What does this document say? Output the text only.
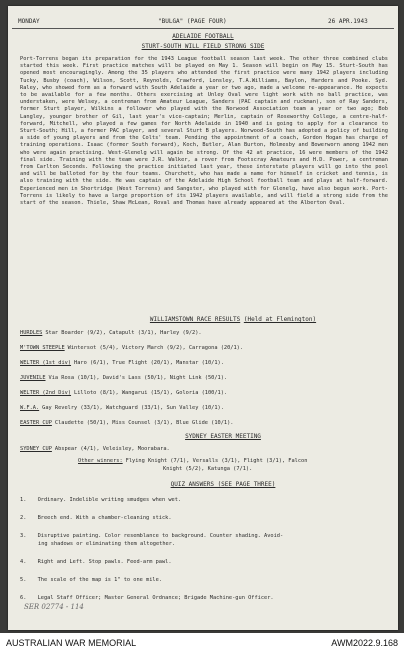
MONDAY	"BULGA" (PAGE FOUR)	26 APR.1943
ADELAIDE FOOTBALL
STURT-SOUTH WILL FIELD STRONG SIDE
Port-Torrens began its preparation for the 1943 League football season last week. The other three combined clubs started this week. First practice matches will be played on May 1. Season will begin on May 15. Sturt-South has opened most encouragingly. Among the 35 players who attended the first practice were many 1942 players including Tucky, Busby (coach), Wilson, Scott, Reynolds, Crawford, Lonsley, T.A.Williams, Baylon, Harders and Pooke. Syd. Raley, who showed form as a forward with South Adelaide a year or two ago, made a welcome re-appearance. He expects to be available for a few months. Others exercising at Unley Oval were light work with no ball practice, was understaken, were Welsey, a centreman from Amateur League, Sanders (PAC captain and ruckman), son of Ray Sanders, former Sturt player, Wilkins a follower who played with the Norwood Association team a year or two ago; Bob Langley, younger brother of Gil, last year's vice-captain; Merlin, captain of Roseworthy College, a centre-half-forward, Mitchell, who played a few games for North Adelaide in 1940 and is going to apply for a clearance to Sturt-South; Hill, a former PAC player, and several Sturt B players. Norwood-South has adopted a policy of building a side of young players and from the Colts' team. Pending the appointment of a coach, Gordon Hogan has charge of training operations. Isaac (former South forward), Koch, Butler, Alan Burton, Holmesby and Bowerworn among 1942 men who were again practising. West-Glenelg will again be strong. Of the 42 at practice, 16 were members of the 1942 final side. Training with the team were J.R. Walker, a rover from Footscray Amateurs and H.D. Power, a centreman from Carlton Seconds. Following the practice initiated last year, these interstate players will go into the pool and will be balloted for by the four teams. Churchett, who has made a name for himself in cricket and tennis, is also training with the side. He was captain of the Adelaide High School football team and plays at half-forward. Experienced men in Shortridge (West Torrens) and Sangster, who played with for Glenelg, have also begun work. Port-Torrens is likely to have a large proportion of its 1942 players available, and will field a strong side from the start of the season. Thiele, Shaw McLean, Roval and Thomas have already appeared at the Alberton Oval.
WILLIAMSTOWN RACE RESULTS (Held at Flemington)
HURDLES Star Boarder (9/2), Catapult (3/1), Harley (9/2).
M'TOWN STEEPLE Wintersot (5/4), Victory March (9/2), Carragona (20/1).
WELTER (1st div) Haro (6/1), True Flight (20/1), Manstar (10/1).
JUVENILE Via Rosa (10/1), David's Lass (50/1), Night Link (50/1).
WELTER (2nd Div) Lilloto (8/1), Wangarui (15/1), Goloria (100/1).
W.F.A. Gay Revelry (33/1), Watchguard (33/1), Sun Valley (10/1).
EASTER CUP Claudette (50/1), Miss Counsel (3/1), Blue Glide (10/1).
SYDNEY EASTER MEETING
SYDNEY CUP Abspear (4/1), Veleisley, Moorabara.
Other winners: Flying Knight (7/1), Versalls (3/1), Flight (3/1), Falcon
Knight (5/2), Katunga (7/1).
QUIZ ANSWERS (SEE PAGE THREE)
1. Ordinary. Indelible writing smudges when wet.
2. Breech end. With a chamber-cleaning stick.
3. Disruptive painting. Color resemblance to background. Counter shading. Avoid-
ing shadows or eliminating them altogether.
4. Right and Left. Stop pawls. Feed-arm pawl.
5. The scale of the map is 1" to one mile.
6. Legal Staff Officer; Master General Ordnance; Brigade Machine-gun Officer.
SER 02774 - 114
AUSTRALIAN WAR MEMORIAL	AWM2022.9.168
